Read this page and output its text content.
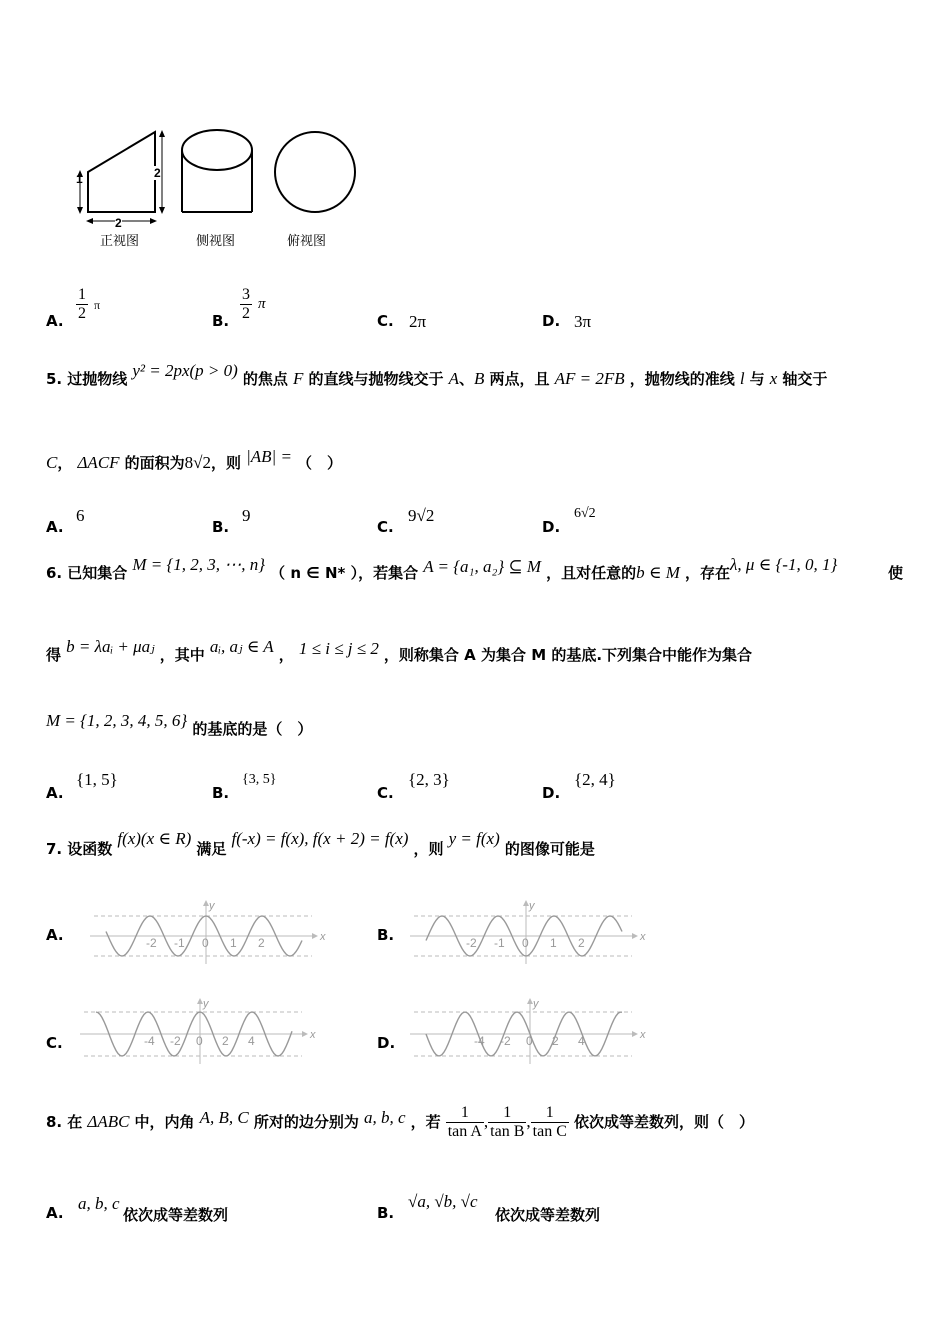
1	2
2
正视图	侧视图	俯视图
A. $\frac{1}{2}$ π
B. $\frac{3}{2}$ π
C. 2π	D. 3π
5. 过抛物线 y² = 2px(p > 0) 的焦点 F 的直线与抛物线交于 A、B 两点，且 AF = 2FB ，抛物线的准线 l 与 x 轴交于
C， ΔACF 的面积为8√2，则 |AB| = （　）
A.
6
B.
9
C.
9√2
D.
6√2
6. 已知集合 M = {1, 2, 3, ⋯, n} （ n ∈ N* ），若集合 A = {a₁, a₂} ⊆ M ，且对任意的b ∈ M ，存在λ, μ ∈ {-1, 0, 1}	使
得 b = λaᵢ + μaⱼ ，其中 aᵢ, aⱼ ∈ A ， 1 ≤ i ≤ j ≤ 2 ，则称集合 A 为集合 M 的基底.下列集合中能作为集合
M = {1, 2, 3, 4, 5, 6} 的基底的是（　）
A.
{1, 5}
B.
{3, 5}
C.
{2, 3}
D.
{2, 4}
7. 设函数 f(x)(x ∈ R) 满足 f(-x) = f(x), f(x + 2) = f(x) ，则 y = f(x) 的图像可能是
A.	B.
C.	D.
x
y
-2 -1 0 1 2	x
y
-2 -1 0 1 2
x
y
-4 -2 0 2 4	x
y
-4 -2 0 2 4
8. 在 ΔABC 中，内角 A, B, C 所对的边分别为 a, b, c ，若 $\frac{1}{\text{tan A}}$ , $\frac{1}{\text{tan B}}$ , $\frac{1}{\text{tan C}}$ 依次成等差数列，则（　）
A. a, b, c
依次成等差数列	B.
√a, √b, √c
依次成等差数列
